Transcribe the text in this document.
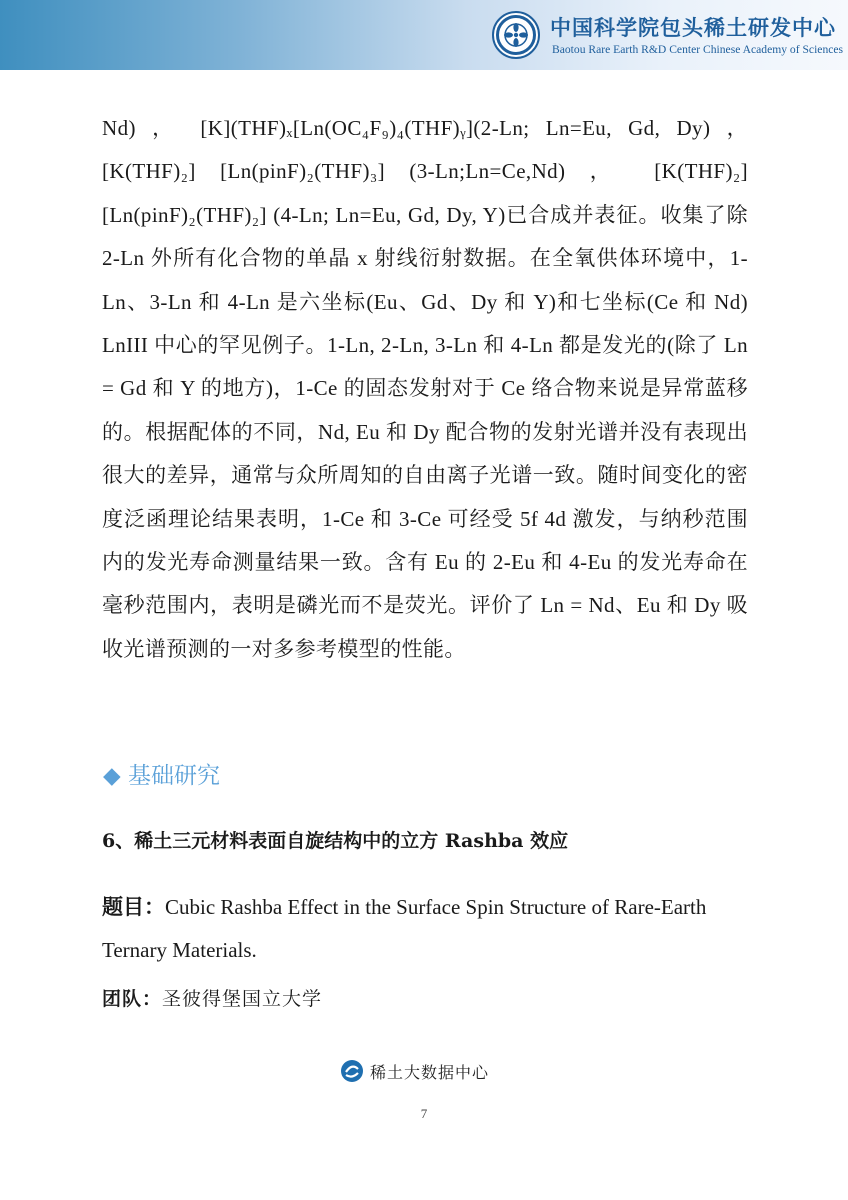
中国科学院包头稀土研发中心
Baotou Rare Earth R&D Center Chinese Academy of Sciences

Nd) ， [K](THF)ₓ[Ln(OC₄F₉)₄(THF)ᵧ](2-Ln; Ln=Eu, Gd, Dy) ， [K(THF)₂] [Ln(pinF)₂(THF)₃] (3-Ln;Ln=Ce,Nd) ， [K(THF)₂] [Ln(pinF)₂(THF)₂] (4-Ln; Ln=Eu, Gd, Dy, Y)已合成并表征。收集了除 2-Ln 外所有化合物的单晶 x 射线衍射数据。在全氧供体环境中，1-Ln、3-Ln 和 4-Ln 是六坐标(Eu、Gd、Dy 和 Y)和七坐标(Ce 和 Nd) LnIII 中心的罕见例子。1-Ln, 2-Ln, 3-Ln 和 4-Ln 都是发光的(除了 Ln = Gd 和 Y 的地方)，1-Ce 的固态发射对于 Ce 络合物来说是异常蓝移的。根据配体的不同，Nd, Eu 和 Dy 配合物的发射光谱并没有表现出很大的差异，通常与众所周知的自由离子光谱一致。随时间变化的密度泛函理论结果表明，1-Ce 和 3-Ce 可经受 5f 4d 激发，与纳秒范围内的发光寿命测量结果一致。含有 Eu 的 2-Eu 和 4-Eu 的发光寿命在毫秒范围内，表明是磷光而不是荧光。评价了 Ln = Nd、Eu 和 Dy 吸收光谱预测的一对多参考模型的性能。

◆ 基础研究
6、稀土三元材料表面自旋结构中的立方 Rashba 效应
题目：Cubic Rashba Effect in the Surface Spin Structure of Rare-Earth Ternary Materials.
团队：圣彼得堡国立大学
稀土大数据中心
7
